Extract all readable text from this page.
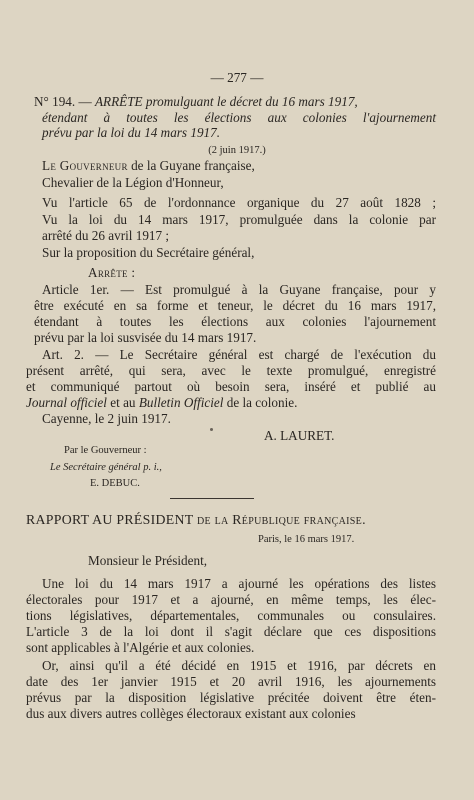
— 277 —
N° 194. — ARRÊTE promulguant le décret du 16 mars 1917,
étendant à toutes les élections aux colonies l'ajournement
prévu par la loi du 14 mars 1917.
(2 juin 1917.)
Le Gouverneur de la Guyane française,
Chevalier de la Légion d'Honneur,
Vu l'article 65 de l'ordonnance organique du 27 août 1828 ;
Vu la loi du 14 mars 1917, promulguée dans la colonie par
arrêté du 26 avril 1917 ;
Sur la proposition du Secrétaire général,
Arrête :
Article 1er. — Est promulgué à la Guyane française, pour y
être exécuté en sa forme et teneur, le décret du 16 mars 1917,
étendant à toutes les élections aux colonies l'ajournement
prévu par la loi susvisée du 14 mars 1917.
Art. 2. — Le Secrétaire général est chargé de l'exécution du
présent arrêté, qui sera, avec le texte promulgué, enregistré
et communiqué partout où besoin sera, inséré et publié au
Journal officiel et au Bulletin Officiel de la colonie.
Cayenne, le 2 juin 1917.
A. LAURET.
Par le Gouverneur :
Le Secrétaire général p. i.,
E. DEBUC.
RAPPORT AU PRÉSIDENT de la République française.
Paris, le 16 mars 1917.
Monsieur le Président,
Une loi du 14 mars 1917 a ajourné les opérations des listes
électorales pour 1917 et a ajourné, en même temps, les élec-
tions législatives, départementales, communales ou consulaires.
L'article 3 de la loi dont il s'agit déclare que ces dispositions
sont applicables à l'Algérie et aux colonies.
Or, ainsi qu'il a été décidé en 1915 et 1916, par décrets en
date des 1er janvier 1915 et 20 avril 1916, les ajournements
prévus par la disposition législative précitée doivent être éten-
dus aux divers autres collèges électoraux existant aux colonies
